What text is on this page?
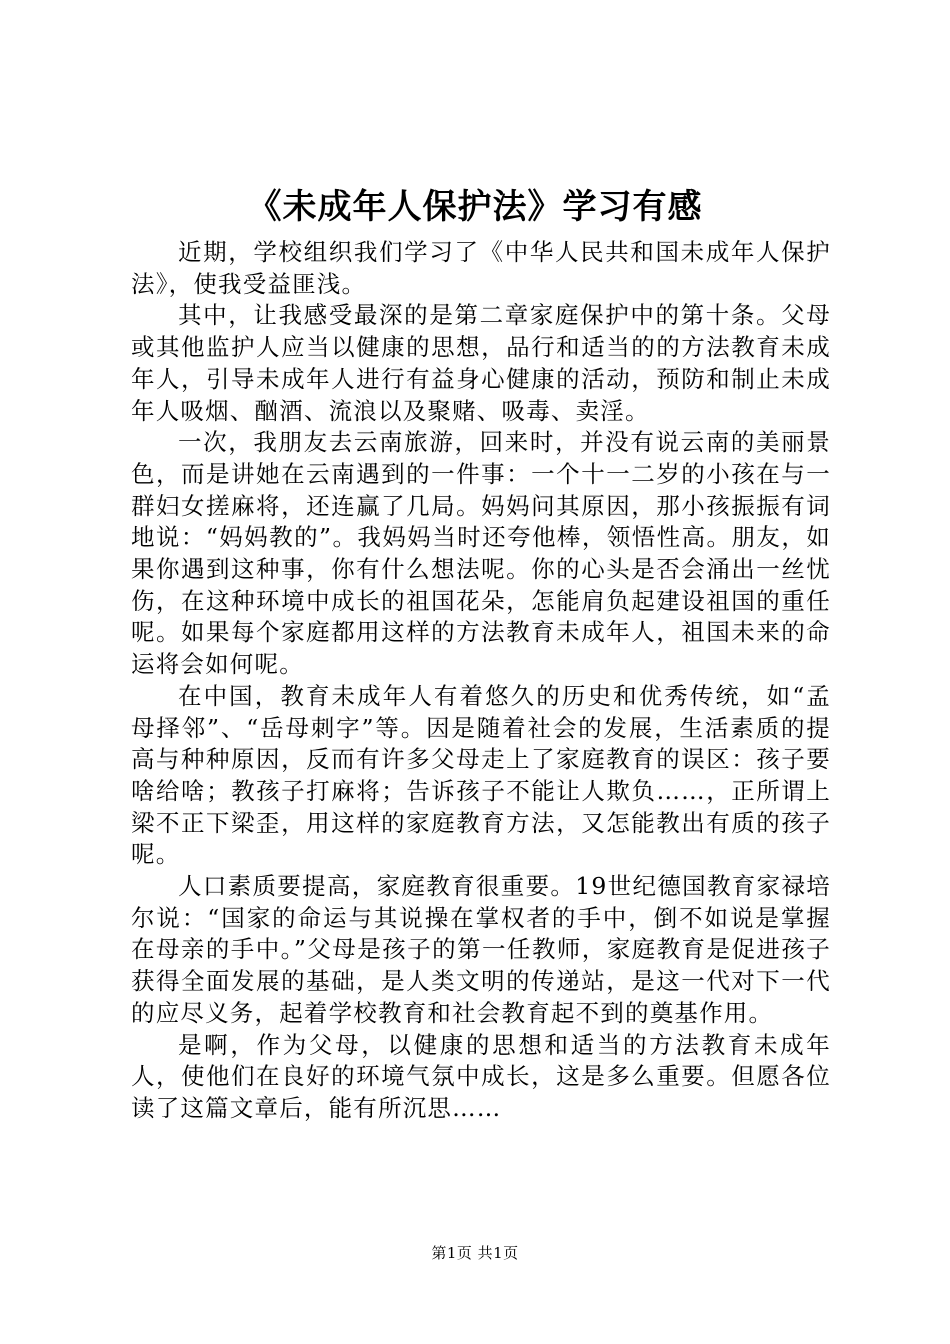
《未成年人保护法》学习有感

近期，学校组织我们学习了《中华人民共和国未成年人保护法》，使我受益匪浅。

其中，让我感受最深的是第二章家庭保护中的第十条。父母或其他监护人应当以健康的思想，品行和适当的的方法教育未成年人，引导未成年人进行有益身心健康的活动，预防和制止未成年人吸烟、酗酒、流浪以及聚赌、吸毒、卖淫。

一次，我朋友去云南旅游，回来时，并没有说云南的美丽景色，而是讲她在云南遇到的一件事：一个十一二岁的小孩在与一群妇女搓麻将，还连赢了几局。妈妈问其原因，那小孩振振有词地说：“妈妈教的”。我妈妈当时还夸他棒，领悟性高。朋友，如果你遇到这种事，你有什么想法呢。你的心头是否会涌出一丝忧伤，在这种环境中成长的祖国花朵，怎能肩负起建设祖国的重任呢。如果每个家庭都用这样的方法教育未成年人，祖国未来的命运将会如何呢。

在中国，教育未成年人有着悠久的历史和优秀传统，如“孟母择邻”、“岳母刺字”等。因是随着社会的发展，生活素质的提高与种种原因，反而有许多父母走上了家庭教育的误区：孩子要啥给啥；教孩子打麻将；告诉孩子不能让人欺负……，正所谓上梁不正下梁歪，用这样的家庭教育方法，又怎能教出有质的孩子呢。

人口素质要提高，家庭教育很重要。19世纪德国教育家禄培尔说：“国家的命运与其说操在掌权者的手中，倒不如说是掌握在母亲的手中。”父母是孩子的第一任教师，家庭教育是促进孩子获得全面发展的基础，是人类文明的传递站，是这一代对下一代的应尽义务，起着学校教育和社会教育起不到的奠基作用。

是啊，作为父母，以健康的思想和适当的方法教育未成年人，使他们在良好的环境气氛中成长，这是多么重要。但愿各位读了这篇文章后，能有所沉思……

第1页 共1页
